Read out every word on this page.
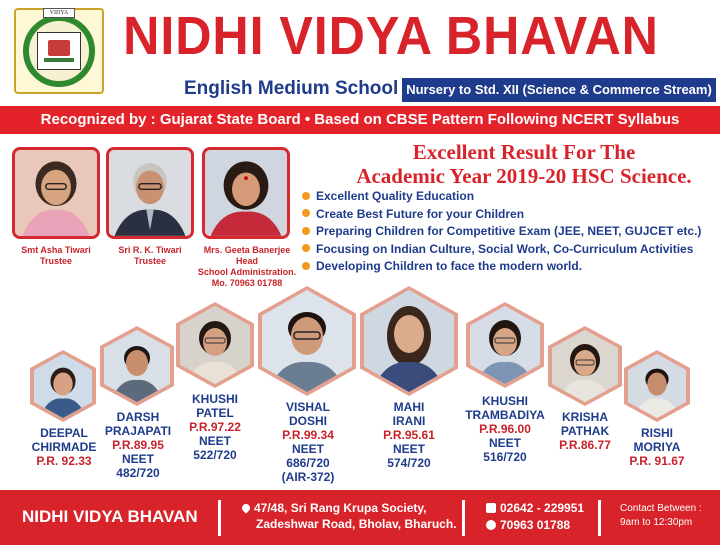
VIDYA NIDHI VIDYA BHAVAN
English Medium School Nursery to Std. XII (Science & Commerce Stream)
Recognized by : Gujarat State Board • Based on CBSE Pattern Following NCERT Syllabus
Smt Asha Tiwari
Trustee
Sri R. K. Tiwari
Trustee
Mrs. Geeta Banerjee
Head
School Administration.
Mo. 70963 01788
Excellent Result For The
Academic Year 2019-20 HSC Science.
Excellent Quality Education
Create Best Future for your Children
Preparing Children for Competitive Exam (JEE, NEET, GUJCET etc.)
Focusing on Indian Culture, Social Work, Co-Curriculum Activities
Developing Children to face the modern world.
DEEPAL
CHIRMADE
P.R. 92.33
DARSH
PRAJAPATI
P.R.89.95
NEET
482/720
KHUSHI
PATEL
P.R.97.22
NEET
522/720
VISHAL
DOSHI
P.R.99.34
NEET
686/720
(AIR-372)
MAHI
IRANI
P.R.95.61
NEET
574/720
KHUSHI
TRAMBADIYA
P.R.96.00
NEET
516/720
KRISHA
PATHAK
P.R.86.77
RISHI
MORIYA
P.R. 91.67
NIDHI VIDYA BHAVAN	47/48, Sri Rang Krupa Society,
Zadeshwar Road, Bholav, Bharuch.
02642 - 229951
70963 01788
Contact Between :
9am to 12:30pm
